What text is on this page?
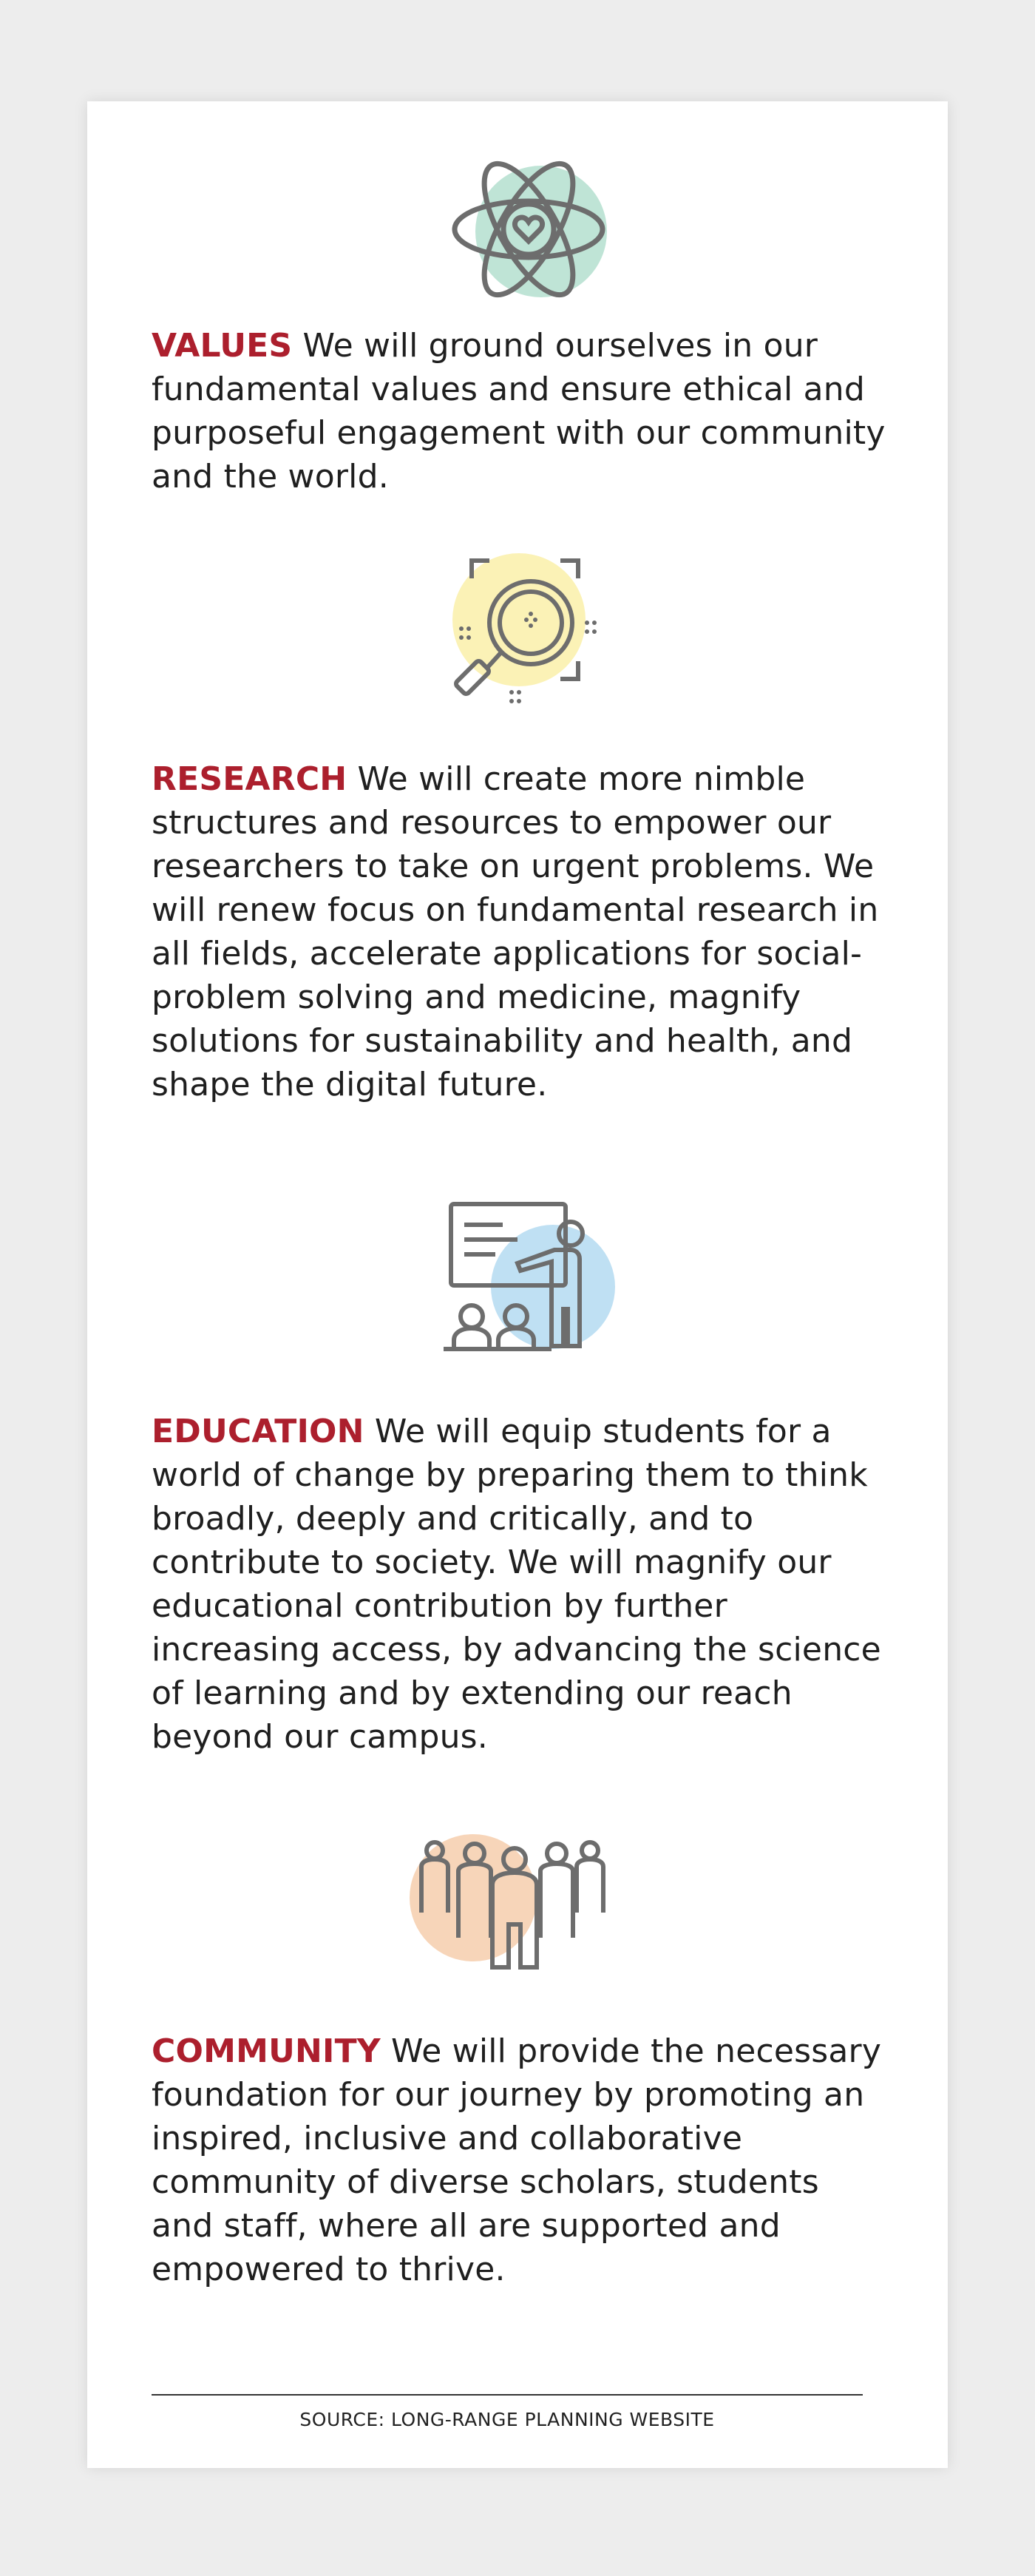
VALUES We will ground ourselves in our fundamental values and ensure ethical and purposeful engagement with our community and the world.

RESEARCH We will create more nimble structures and resources to empower our researchers to take on urgent problems. We will renew focus on fundamental research in all fields, accelerate applications for social-problem solving and medicine, magnify solutions for sustainability and health, and shape the digital future.

EDUCATION We will equip students for a world of change by preparing them to think broadly, deeply and critically, and to contribute to society. We will magnify our educational contribution by further increasing access, by advancing the science of learning and by extending our reach beyond our campus.

COMMUNITY We will provide the necessary foundation for our journey by promoting an inspired, inclusive and collaborative community of diverse scholars, students and staff, where all are supported and empowered to thrive.

SOURCE: LONG-RANGE PLANNING WEBSITE
